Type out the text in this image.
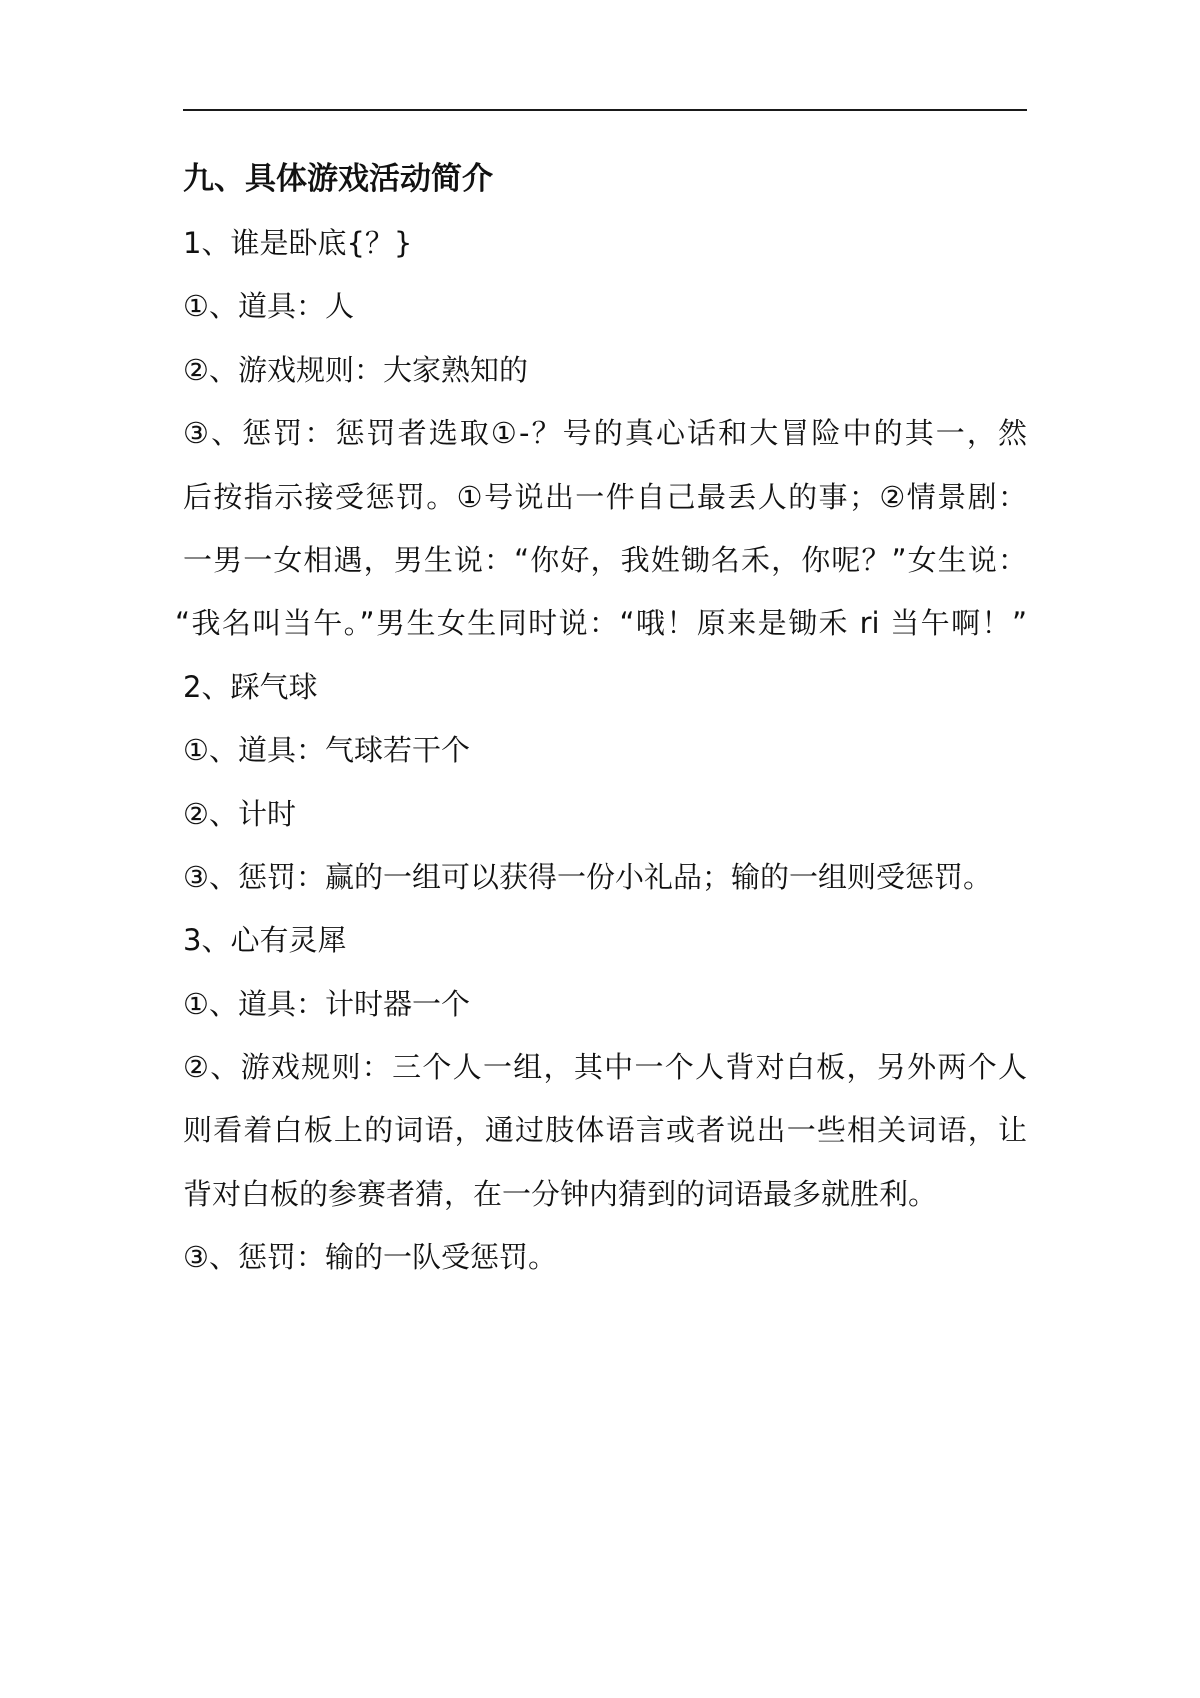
九、具体游戏活动简介
1、谁是卧底{？}
①、道具：人
②、游戏规则：大家熟知的
③、惩罚：惩罚者选取①-？号的真心话和大冒险中的其一，然
后按指示接受惩罚。①号说出一件自己最丢人的事；②情景剧：
一男一女相遇，男生说：“你好，我姓锄名禾，你呢？”女生说：
“我名叫当午。”男生女生同时说：“哦！原来是锄禾 ri 当午啊！”
2、踩气球
①、道具：气球若干个
②、计时
③、惩罚：赢的一组可以获得一份小礼品；输的一组则受惩罚。
3、心有灵犀
①、道具：计时器一个
②、游戏规则：三个人一组，其中一个人背对白板，另外两个人
则看着白板上的词语，通过肢体语言或者说出一些相关词语，让
背对白板的参赛者猜，在一分钟内猜到的词语最多就胜利。
③、惩罚：输的一队受惩罚。
